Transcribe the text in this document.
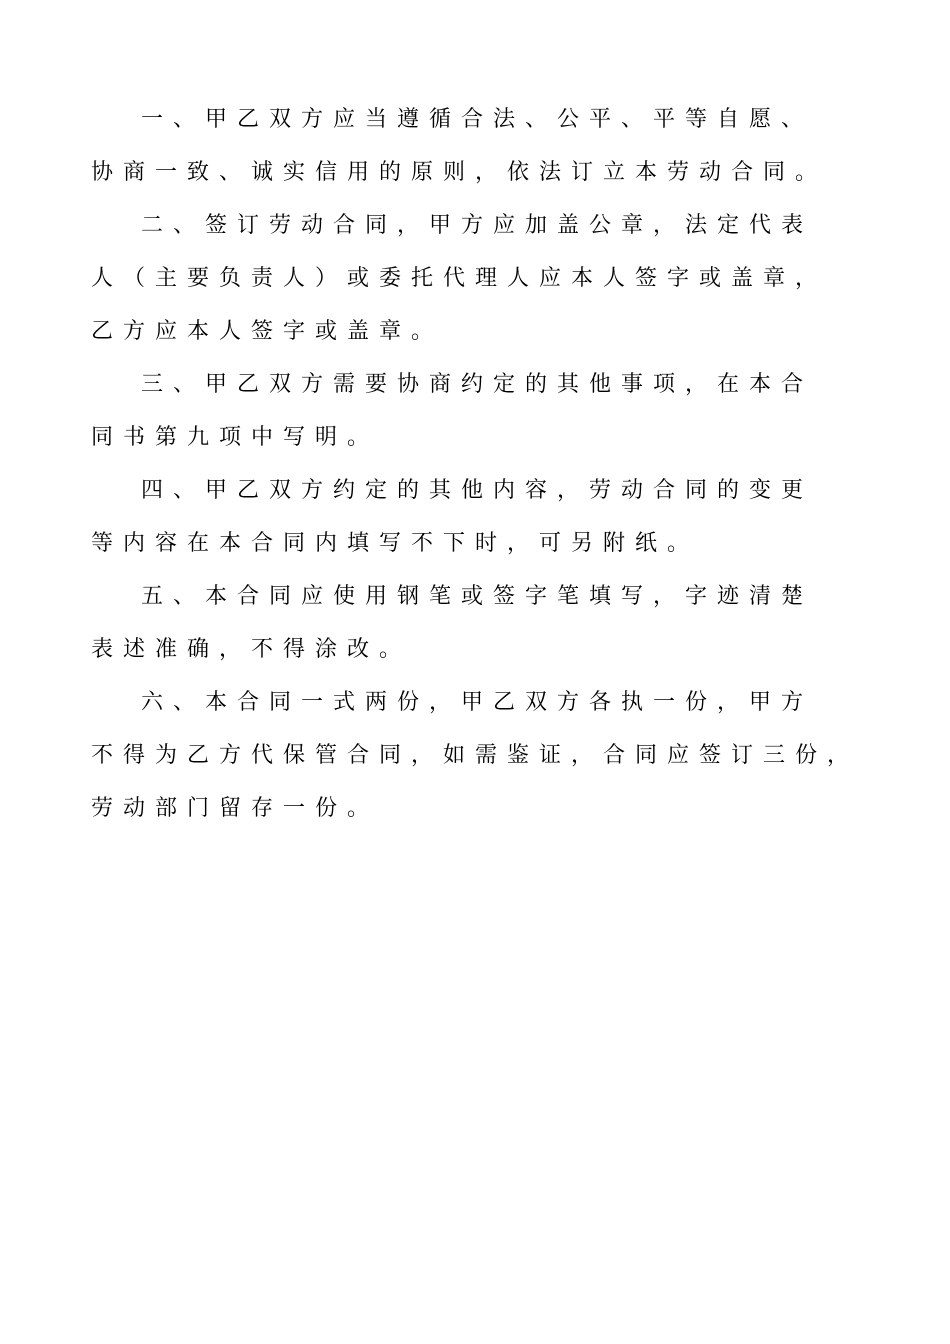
一、甲乙双方应当遵循合法、公平、平等自愿、
协商一致、诚实信用的原则，依法订立本劳动合同。
二、签订劳动合同，甲方应加盖公章，法定代表
人（主要负责人）或委托代理人应本人签字或盖章，
乙方应本人签字或盖章。
三、甲乙双方需要协商约定的其他事项，在本合
同书第九项中写明。
四、甲乙双方约定的其他内容，劳动合同的变更
等内容在本合同内填写不下时，可另附纸。
五、本合同应使用钢笔或签字笔填写，字迹清楚
表述准确，不得涂改。
六、本合同一式两份，甲乙双方各执一份，甲方
不得为乙方代保管合同，如需鉴证，合同应签订三份，
劳动部门留存一份。
